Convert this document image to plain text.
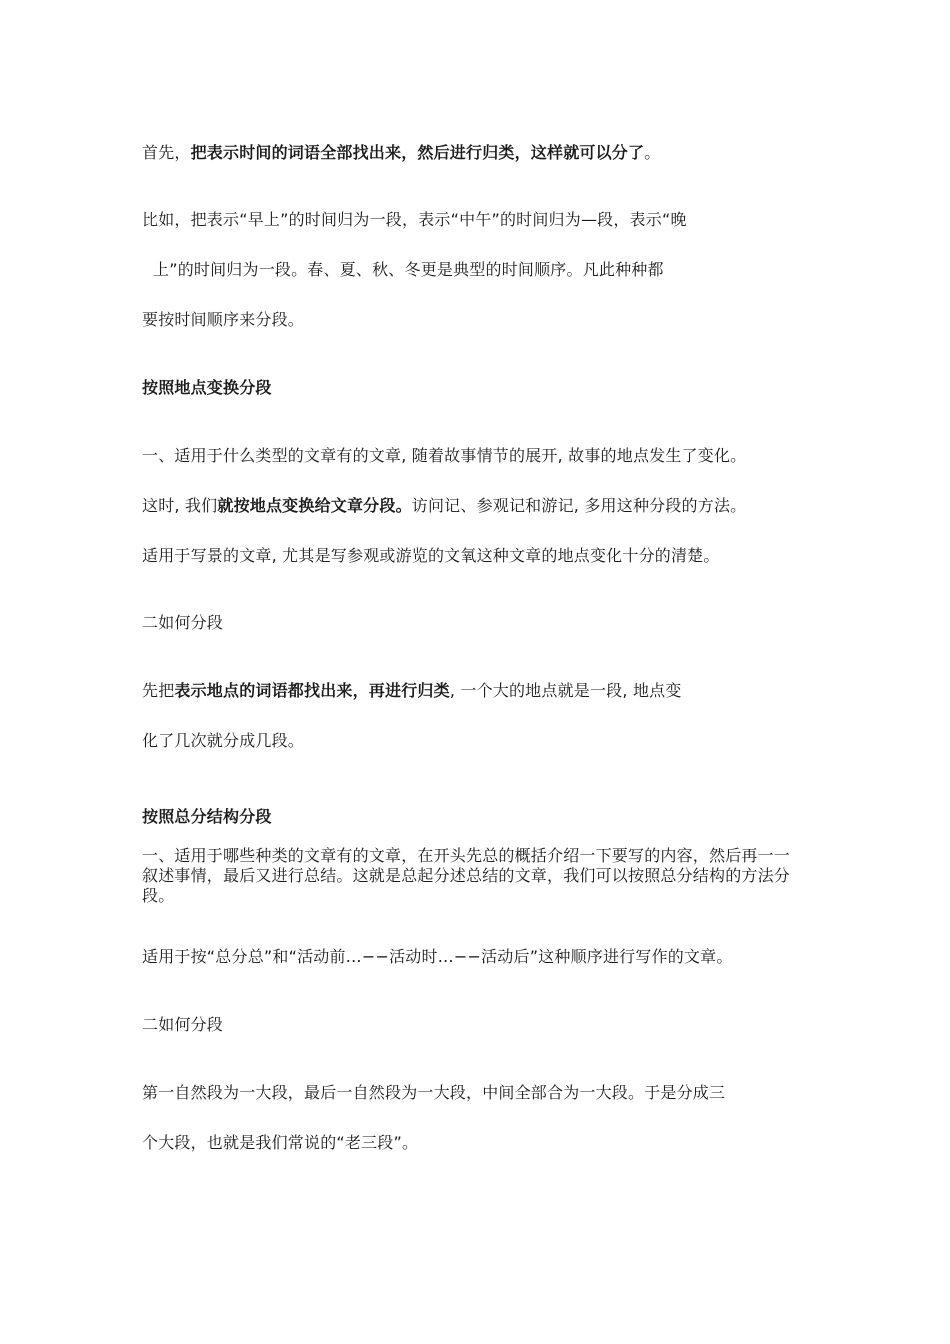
首先，把表示时间的词语全部找出来，然后进行归类，这样就可以分了。
比如，把表示“早上”的时间归为一段，表示“中午”的时间归为—段，表示“晚
上”的时间归为一段。春、夏、秋、冬更是典型的时间顺序。凡此种种都
要按时间顺序来分段。
按照地点变换分段
一、适用于什么类型的文章有的文章, 随着故事情节的展开, 故事的地点发生了变化。
这时, 我们就按地点变换给文章分段。访问记、参观记和游记, 多用这种分段的方法。
适用于写景的文章, 尤其是写参观或游览的文氧这种文章的地点变化十分的清楚。
二如何分段
先把表示地点的词语都找出来，再进行归类, 一个大的地点就是一段, 地点变
化了几次就分成几段。
按照总分结构分段
一、适用于哪些种类的文章有的文章，在开头先总的概括介绍一下要写的内容，然后再一一叙述事情，最后又进行总结。这就是总起分述总结的文章，我们可以按照总分结构的方法分段。
适用于按“总分总”和“活动前…−−活动时…−−活动后”这种顺序进行写作的文章。
二如何分段
第一自然段为一大段，最后一自然段为一大段，中间全部合为一大段。于是分成三
个大段，也就是我们常说的“老三段”。
